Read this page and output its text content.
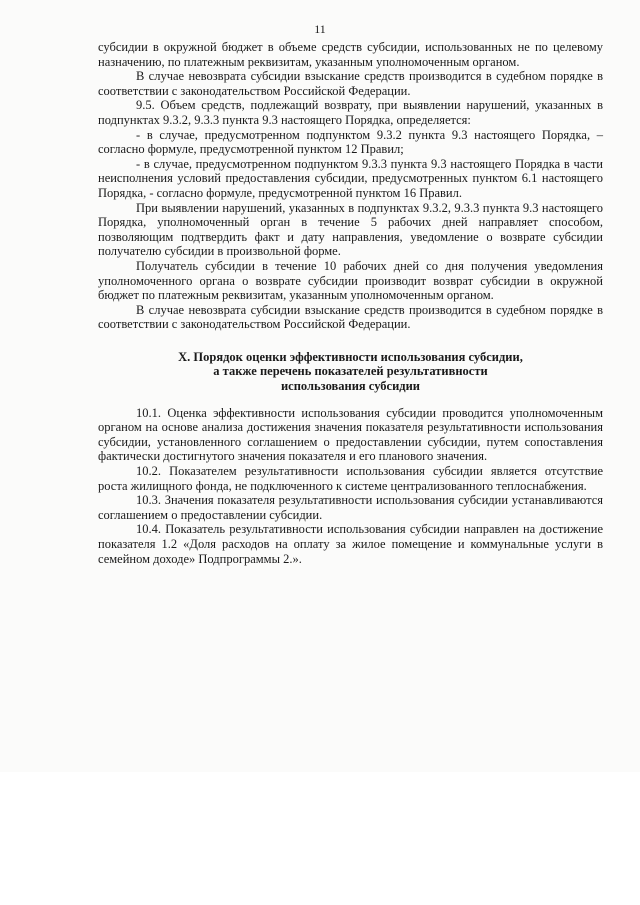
11

субсидии в окружной бюджет в объеме средств субсидии, использованных не по целевому назначению, по платежным реквизитам, указанным уполномоченным органом.

В случае невозврата субсидии взыскание средств производится в судебном порядке в соответствии с законодательством Российской Федерации.

9.5. Объем средств, подлежащий возврату, при выявлении нарушений, указанных в подпунктах 9.3.2, 9.3.3 пункта 9.3 настоящего Порядка, определяется:

- в случае, предусмотренном подпунктом 9.3.2 пункта 9.3 настоящего Порядка, – согласно формуле, предусмотренной пунктом 12 Правил;

- в случае, предусмотренном подпунктом 9.3.3 пункта 9.3 настоящего Порядка в части неисполнения условий предоставления субсидии, предусмотренных пунктом 6.1 настоящего Порядка, - согласно формуле, предусмотренной пунктом 16 Правил.

При выявлении нарушений, указанных в подпунктах 9.3.2, 9.3.3 пункта 9.3 настоящего Порядка, уполномоченный орган в течение 5 рабочих дней направляет способом, позволяющим подтвердить факт и дату направления, уведомление о возврате субсидии получателю субсидии в произвольной форме.

Получатель субсидии в течение 10 рабочих дней со дня получения уведомления уполномоченного органа о возврате субсидии производит возврат субсидии в окружной бюджет по платежным реквизитам, указанным уполномоченным органом.

В случае невозврата субсидии взыскание средств производится в судебном порядке в соответствии с законодательством Российской Федерации.

X. Порядок оценки эффективности использования субсидии,
а также перечень показателей результативности
использования субсидии

10.1. Оценка эффективности использования субсидии проводится уполномоченным органом на основе анализа достижения значения показателя результативности использования субсидии, установленного соглашением о предоставлении субсидии, путем сопоставления фактически достигнутого значения показателя и его планового значения.

10.2. Показателем результативности использования субсидии является отсутствие роста жилищного фонда, не подключенного к системе централизованного теплоснабжения.

10.3. Значения показателя результативности использования субсидии устанавливаются соглашением о предоставлении субсидии.

10.4. Показатель результативности использования субсидии направлен на достижение показателя 1.2 «Доля расходов на оплату за жилое помещение и коммунальные услуги в семейном доходе» Подпрограммы 2.».
